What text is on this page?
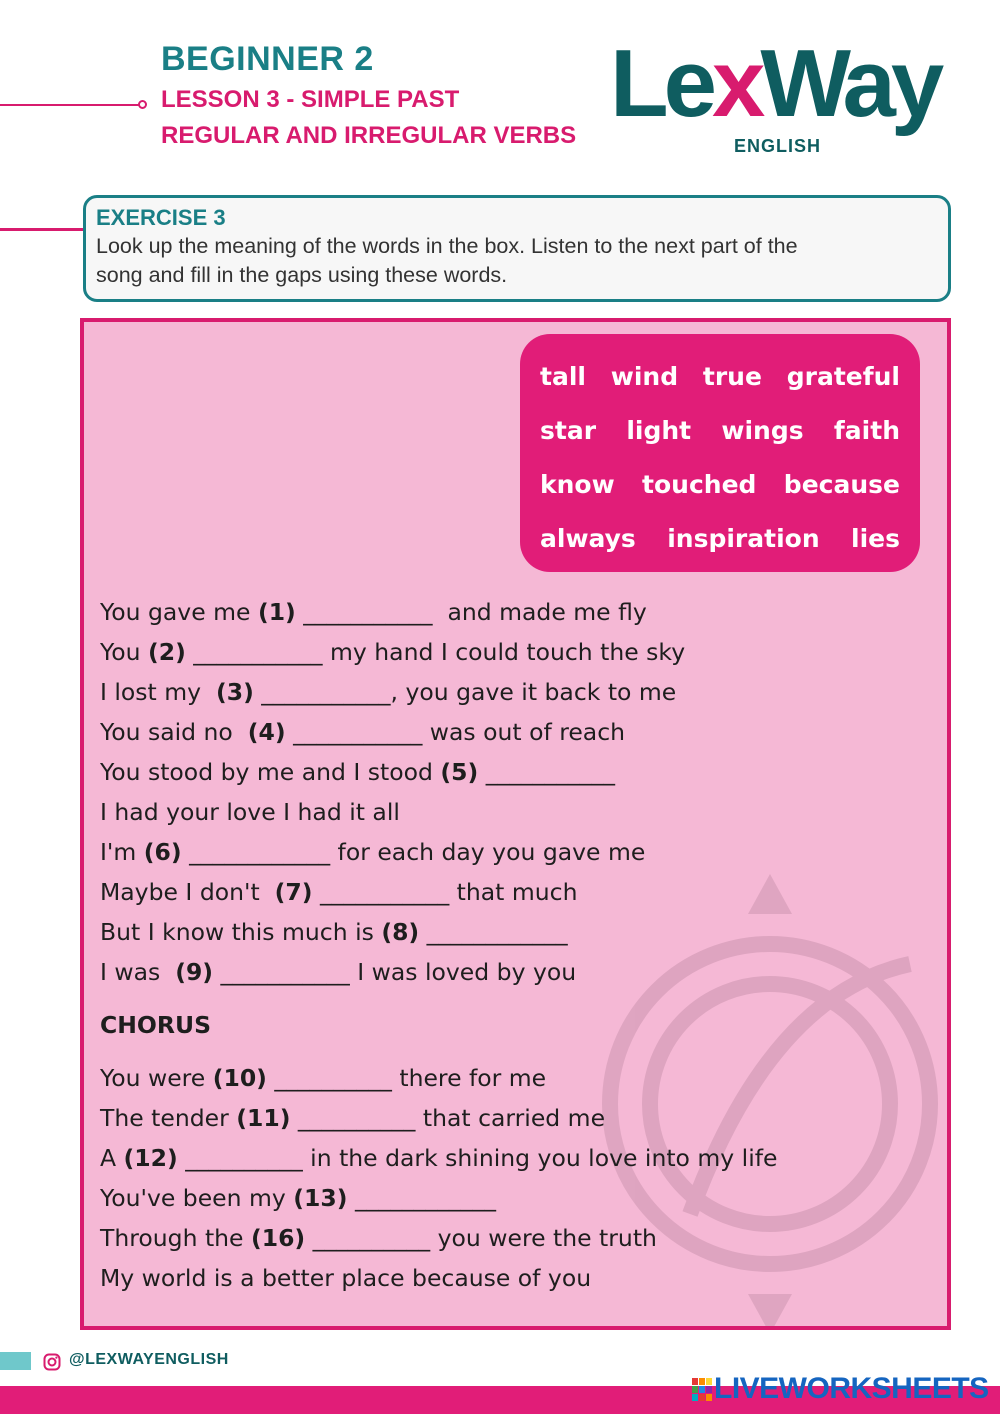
BEGINNER 2
LESSON 3 - SIMPLE PAST
REGULAR AND IRREGULAR VERBS LexWay
ENGLISH
EXERCISE 3
Look up the meaning of the words in the box. Listen to the next part of the
song and fill in the gaps using these words.
tall wind true grateful
star light wings faith
know touched because
always inspiration lies
You gave me (1) ___________  and made me fly
You (2) ___________ my hand I could touch the sky
I lost my  (3) ___________, you gave it back to me
You said no  (4) ___________ was out of reach
You stood by me and I stood (5) ___________
I had your love I had it all
I'm (6) ____________ for each day you gave me
Maybe I don't  (7) ___________ that much
But I know this much is (8) ____________
I was  (9) ___________ I was loved by you
CHORUS
You were (10) __________ there for me
The tender (11) __________ that carried me
A (12) __________ in the dark shining you love into my life
You've been my (13) ____________
Through the (16) __________ you were the truth
My world is a better place because of you
@LEXWAYENGLISH
LIVEWORKSHEETS
